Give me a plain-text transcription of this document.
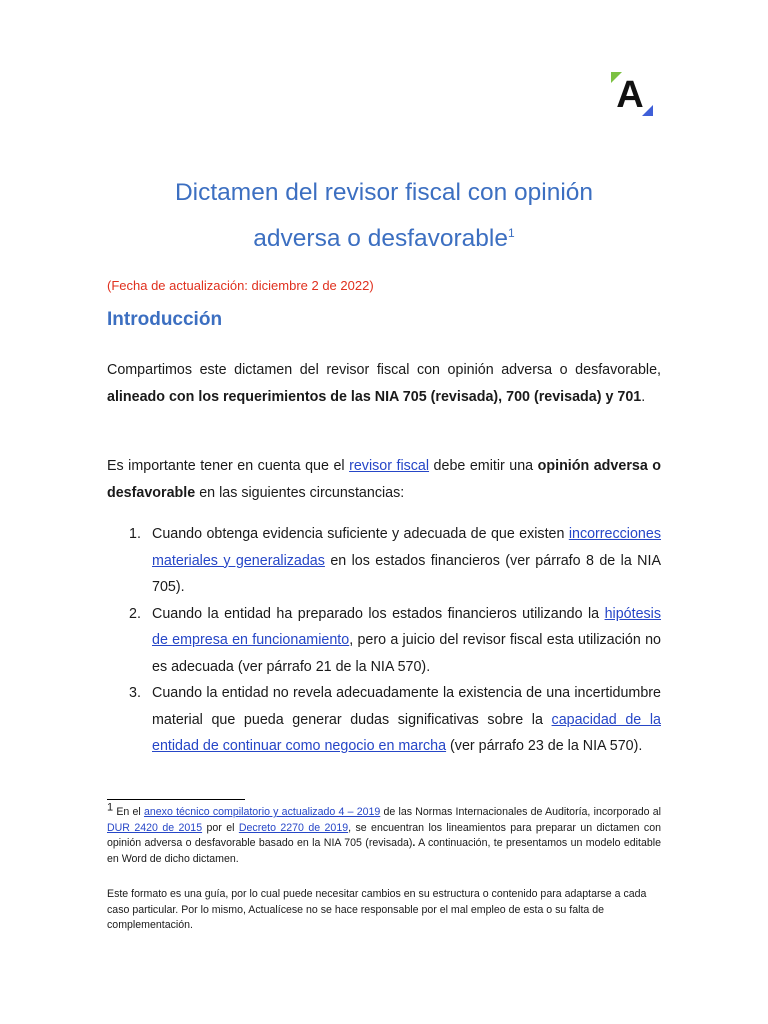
A
Dictamen del revisor fiscal con opinión
adversa o desfavorable$^1$
(Fecha de actualización: diciembre 2 de 2022)
Introducción

Compartimos este dictamen del revisor fiscal con opinión adversa o desfavorable, alineado con los requerimientos de las NIA 705 (revisada), 700 (revisada) y 701.

Es importante tener en cuenta que el revisor fiscal debe emitir una opinión adversa o desfavorable en las siguientes circunstancias:

1. Cuando obtenga evidencia suficiente y adecuada de que existen incorrecciones materiales y generalizadas en los estados financieros (ver párrafo 8 de la NIA 705).
2. Cuando la entidad ha preparado los estados financieros utilizando la hipótesis de empresa en funcionamiento, pero a juicio del revisor fiscal esta utilización no es adecuada (ver párrafo 21 de la NIA 570).
3. Cuando la entidad no revela adecuadamente la existencia de una incertidumbre material que pueda generar dudas significativas sobre la capacidad de la entidad de continuar como negocio en marcha (ver párrafo 23 de la NIA 570).

1 En el anexo técnico compilatorio y actualizado 4 – 2019 de las Normas Internacionales de Auditoría, incorporado al DUR 2420 de 2015 por el Decreto 2270 de 2019, se encuentran los lineamientos para preparar un dictamen con opinión adversa o desfavorable basado en la NIA 705 (revisada). A continuación, te presentamos un modelo editable en Word de dicho dictamen.

Este formato es una guía, por lo cual puede necesitar cambios en su estructura o contenido para adaptarse a cada caso particular. Por lo mismo, Actualícese no se hace responsable por el mal empleo de esta o su falta de complementación.
